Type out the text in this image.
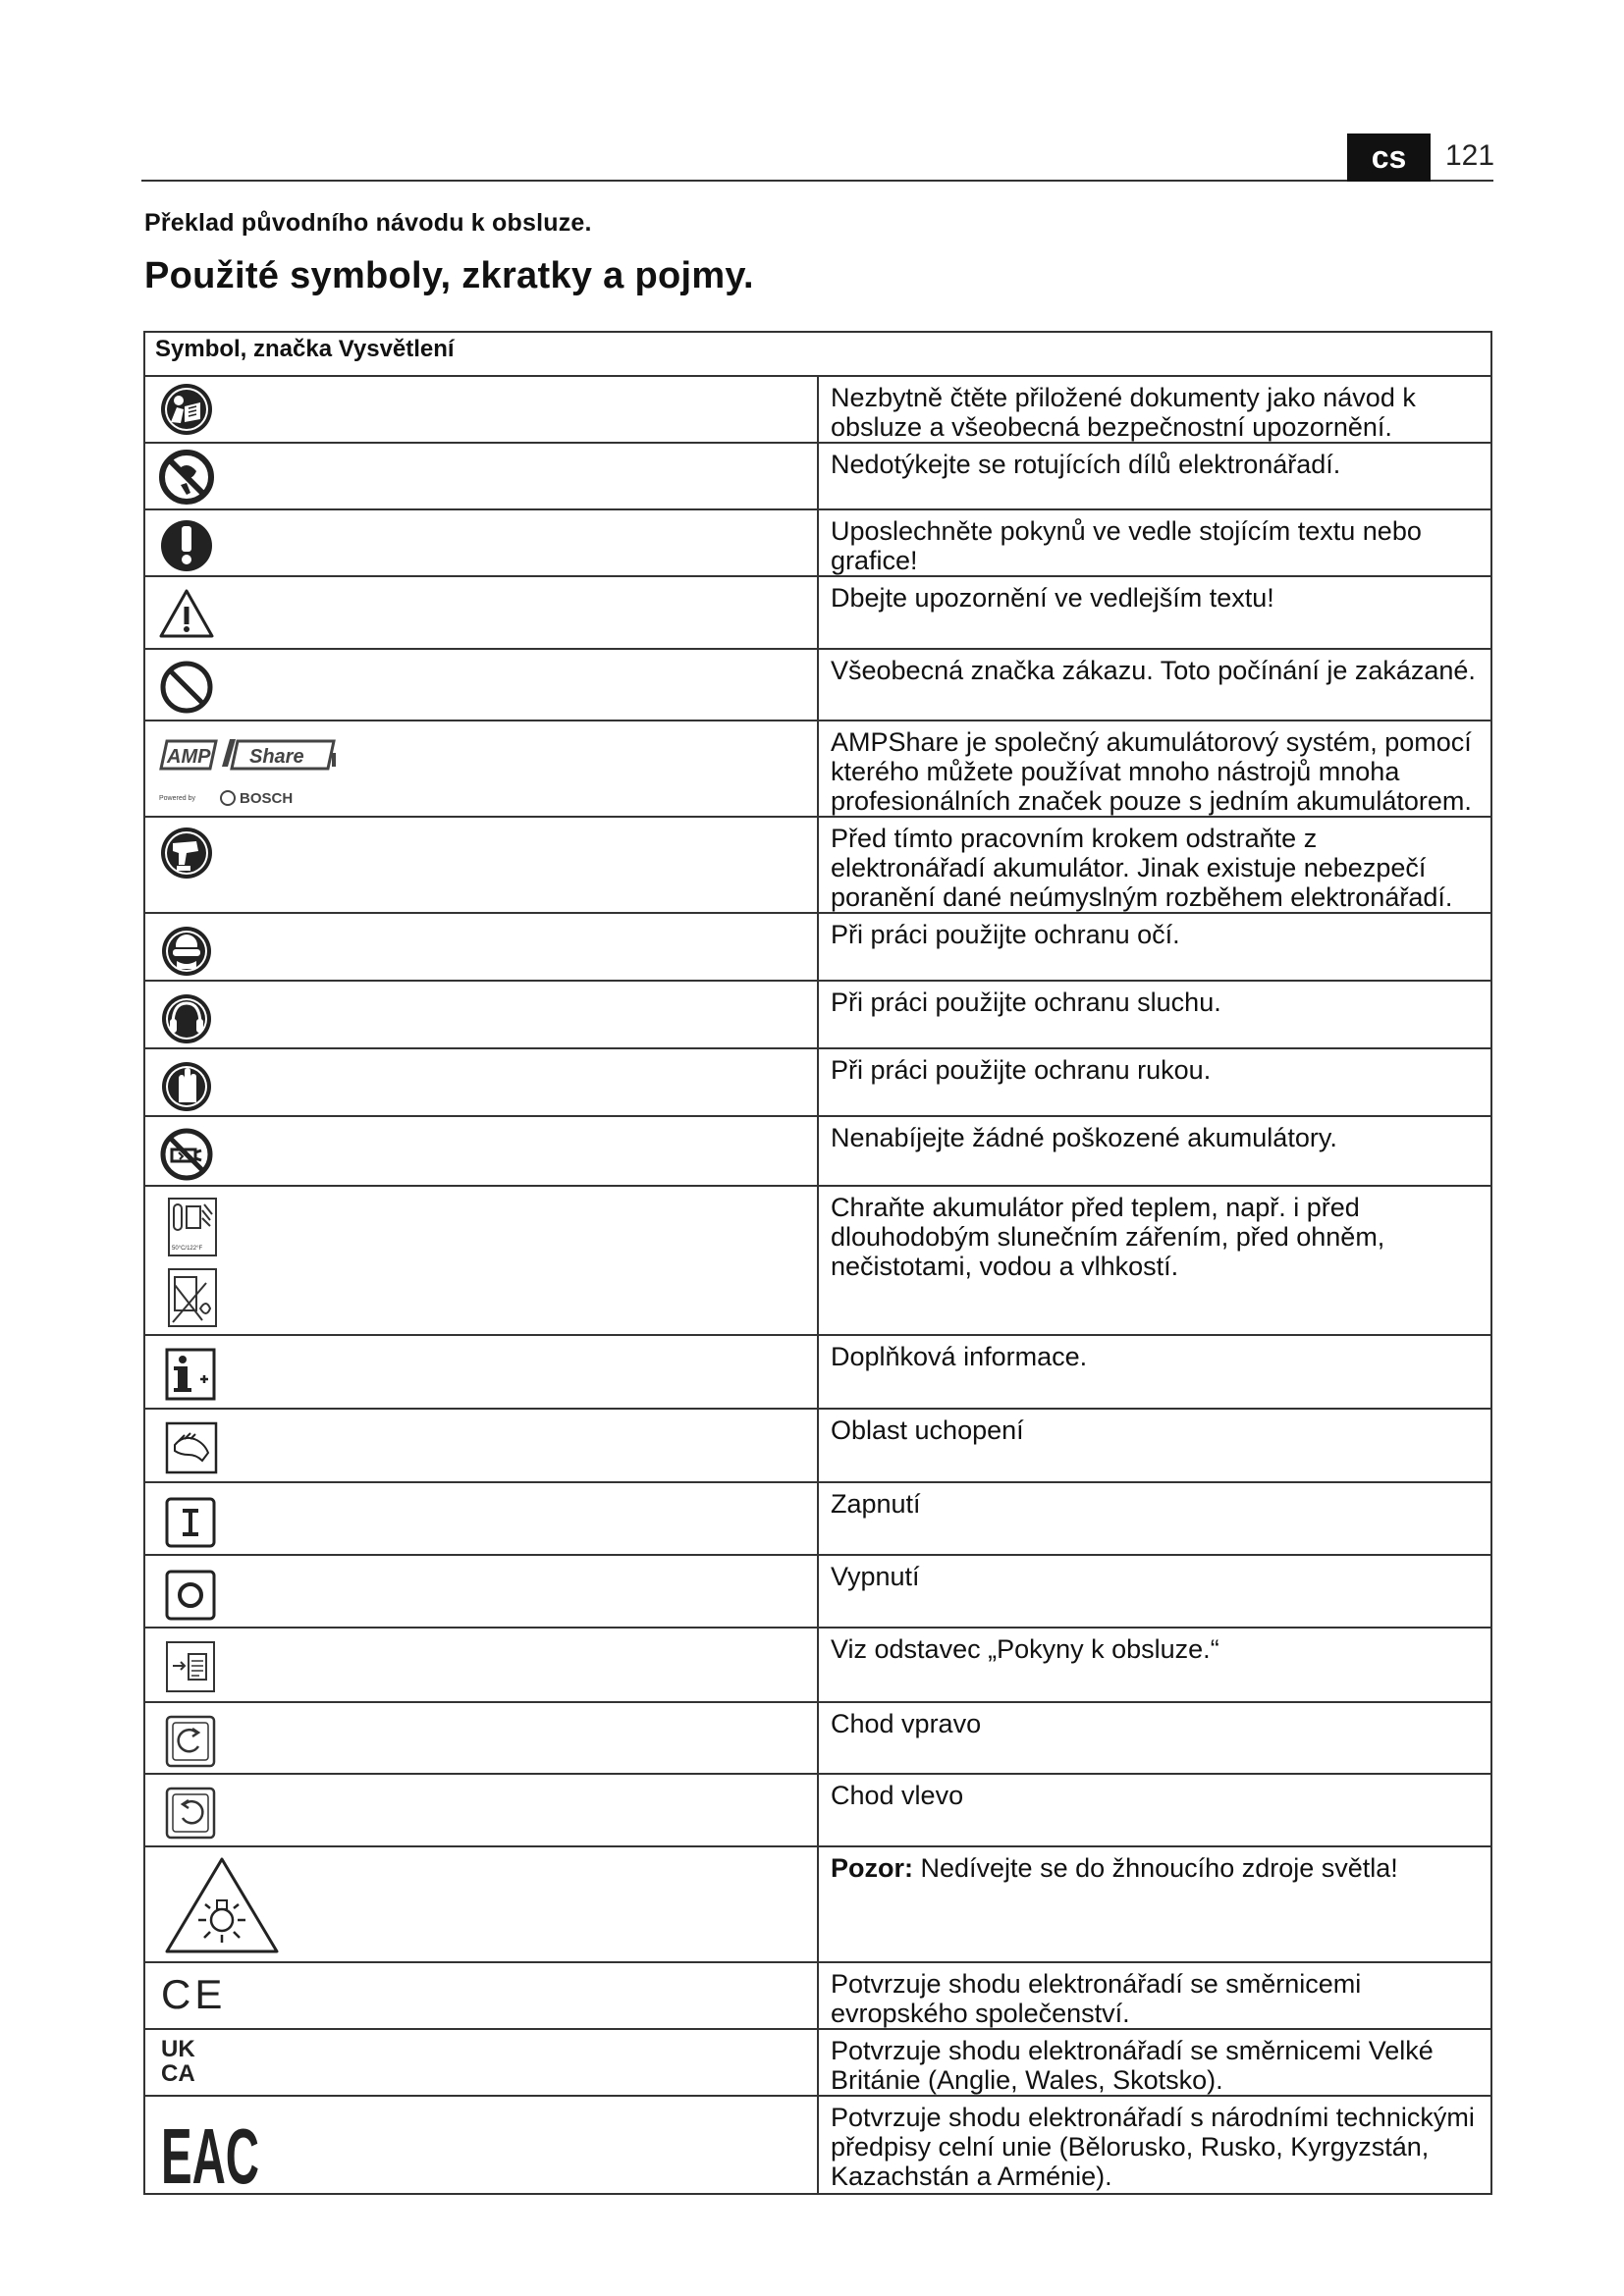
cs	121
Překlad původního návodu k obsluze.
Použité symboly, zkratky a pojmy.
Symbol, značka Vysvětlení	

	Nezbytně čtěte přiložené dokumenty jako návod k obsluze a všeobecná bezpečnostní upozornění.

	Nedotýkejte se rotujících dílů elektronářadí.

	Uposlechněte pokynů ve vedle stojícím textu nebo grafice!

	Dbejte upozornění ve vedlejším textu!

	Všeobecná značka zákazu. Toto počínání je zakázané.

AMP Share
Powered by BOSCH	AMPShare je společný akumulátorový systém, pomocí kterého můžete používat mnoho nástrojů mnoha profesionálních značek pouze s jedním akumulátorem.

	Před tímto pracovním krokem odstraňte z elektronářadí akumulátor. Jinak existuje nebezpečí poranění dané neúmyslným rozběhem elektronářadí.

	Při práci použijte ochranu očí.

	Při práci použijte ochranu sluchu.

	Při práci použijte ochranu rukou.

	Nenabíjejte žádné poškozené akumulátory.

50°C/122°F	Chraňte akumulátor před teplem, např. i před dlouhodobým slunečním zářením, před ohněm, nečistotami, vodou a vlhkostí.

	Doplňková informace.

	Oblast uchopení

	Zapnutí

	Vypnutí

	Viz odstavec „Pokyny k obsluze.“

	Chod vpravo

	Chod vlevo

	Pozor: Nedívejte se do žhnoucího zdroje světla!

CE	Potvrzuje shodu elektronářadí se směrnicemi evropského společenství.

UK
CA	Potvrzuje shodu elektronářadí se směrnicemi Velké Británie (Anglie, Wales, Skotsko).

EAC	Potvrzuje shodu elektronářadí s národními technickými předpisy celní unie (Bělorusko, Rusko, Kyrgyzstán, Kazachstán a Arménie).
